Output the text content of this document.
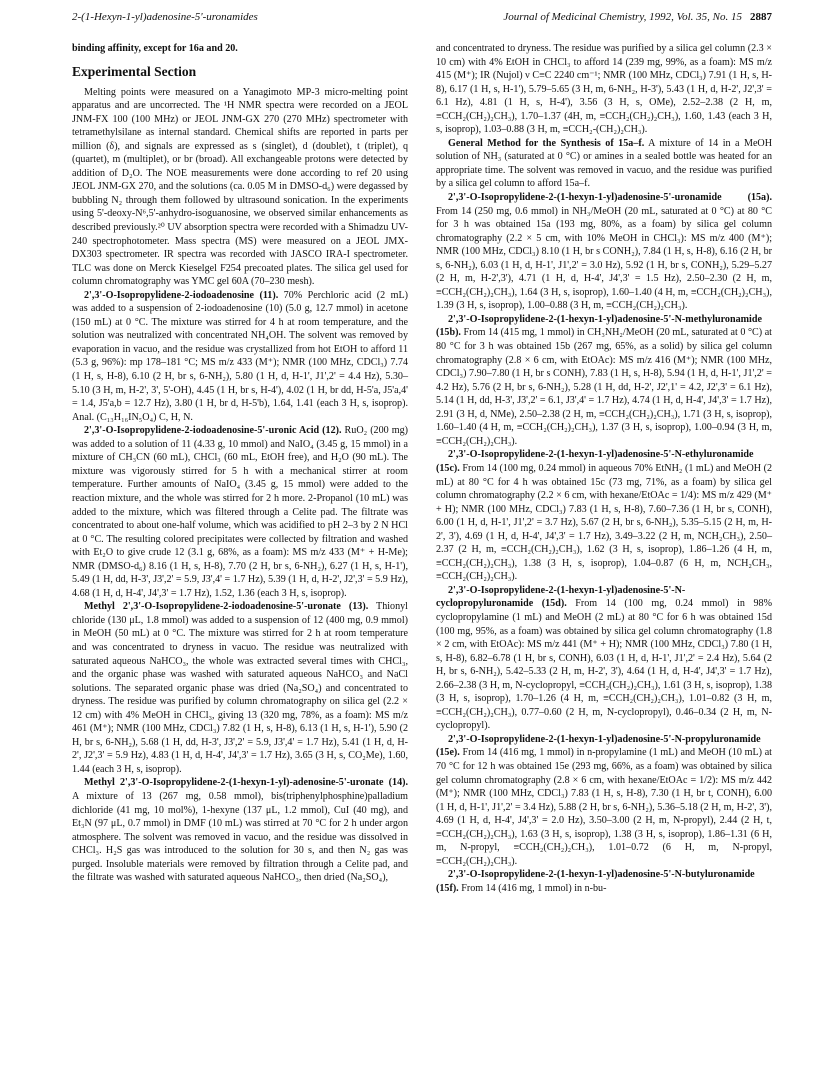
2-(1-Hexyn-1-yl)adenosine-5'-uronamides	Journal of Medicinal Chemistry, 1992, Vol. 35, No. 15 2887

binding affinity, except for 16a and 20.

Experimental Section

Melting points were measured on a Yanagimoto MP-3 micro-melting point apparatus and are uncorrected. The ¹H NMR spectra were recorded on a JEOL JNM-FX 100 (100 MHz) or JEOL JNM-GX 270 (270 MHz) spectrometer with tetramethylsilane as internal standard. Chemical shifts are reported in parts per million (δ), and signals are expressed as s (singlet), d (doublet), t (triplet), q (quartet), m (multiplet), or br (broad). All exchangeable protons were detected by addition of D₂O. The NOE measurements were done according to ref 20 using JEOL JNM-GX 270, and the solutions (ca. 0.05 M in DMSO-d₆) were degassed by bubbling N₂ through them followed by ultrasound sonication. In the experiments using 5'-deoxy-N⁶,5'-anhydro-isoguanosine, we observed similar enhancements as described previously.²⁰ UV absorption spectra were recorded with a Shimadzu UV-240 spectrophotometer. Mass spectra (MS) were measured on a JEOL JMX-DX303 spectrometer. IR spectra was recorded with JASCO IRA-I spectrometer. TLC was done on Merck Kieselgel F254 precoated plates. The silica gel used for column chromatography was YMC gel 60A (70–230 mesh).

2',3'-O-Isopropylidene-2-iodoadenosine (11). 70% Perchloric acid (2 mL) was added to a suspension of 2-iodoadenosine (10) (5.0 g, 12.7 mmol) in acetone (150 mL) at 0 °C. The mixture was stirred for 4 h at room temperature, and the solution was neutralized with concentrated NH₄OH. The solvent was removed by evaporation in vacuo, and the residue was crystallized from hot EtOH to afford 11 (5.3 g, 96%): mp 178–181 °C; MS m/z 433 (M⁺); NMR (100 MHz, CDCl₃) 7.74 (1 H, s, H-8), 6.10 (2 H, br s, 6-NH₂), 5.80 (1 H, d, H-1', J1',2' = 4.4 Hz), 5.30–5.10 (3 H, m, H-2', 3', 5'-OH), 4.45 (1 H, br s, H-4'), 4.02 (1 H, br dd, H-5'a, J5'a,4' = 1.4, J5'a,b = 12.7 Hz), 3.80 (1 H, br d, H-5'b), 1.64, 1.41 (each 3 H, s, isoprop). Anal. (C₁₃H₁₆IN₅O₄) C, H, N.

2',3'-O-Isopropylidene-2-iodoadenosine-5'-uronic Acid (12). RuO₂ (200 mg) was added to a solution of 11 (4.33 g, 10 mmol) and NaIO₄ (3.45 g, 15 mmol) in a mixture of CH₃CN (60 mL), CHCl₃ (60 mL, EtOH free), and H₂O (90 mL). The mixture was vigorously stirred for 5 h with a mechanical stirrer at room temperature. Further amounts of NaIO₄ (3.45 g, 15 mmol) were added to the reaction mixture, and the whole was stirred for 2 h more. 2-Propanol (10 mL) was added to the mixture, which was filtered through a Celite pad. The filtrate was concentrated to about one-half volume, which was acidified to pH 2–3 by 2 N HCl at 0 °C. The resulting colored precipitates were collected by filtration and washed with Et₂O to give crude 12 (3.1 g, 68%, as a foam): MS m/z 433 (M⁺ + H-Me); NMR (DMSO-d₆) 8.16 (1 H, s, H-8), 7.70 (2 H, br s, 6-NH₂), 6.27 (1 H, s, H-1'), 5.49 (1 H, dd, H-3', J3',2' = 5.9, J3',4' = 1.7 Hz), 5.39 (1 H, d, H-2', J2',3' = 5.9 Hz), 4.68 (1 H, d, H-4', J4',3' = 1.7 Hz), 1.52, 1.36 (each 3 H, s, isoprop).

Methyl 2',3'-O-Isopropylidene-2-iodoadenosine-5'-uronate (13). Thionyl chloride (130 μL, 1.8 mmol) was added to a suspension of 12 (400 mg, 0.9 mmol) in MeOH (50 mL) at 0 °C. The mixture was stirred for 2 h at room temperature and was concentrated to dryness in vacuo. The residue was neutralized with saturated aqueous NaHCO₃, the whole was extracted several times with CHCl₃, and the organic phase was washed with saturated aqueous NaHCO₃ and NaCl solutions. The separated organic phase was dried (Na₂SO₄) and concentrated to dryness. The residue was purified by column chromatography on silica gel (2.2 × 12 cm) with 4% MeOH in CHCl₃, giving 13 (320 mg, 78%, as a foam): MS m/z 461 (M⁺); NMR (100 MHz, CDCl₃) 7.82 (1 H, s, H-8), 6.13 (1 H, s, H-1'), 5.90 (2 H, br s, 6-NH₂), 5.68 (1 H, dd, H-3', J3',2' = 5.9, J3',4' = 1.7 Hz), 5.41 (1 H, d, H-2', J2',3' = 5.9 Hz), 4.83 (1 H, d, H-4', J4',3' = 1.7 Hz), 3.65 (3 H, s, CO₂Me), 1.60, 1.44 (each 3 H, s, isoprop).

Methyl 2',3'-O-Isopropylidene-2-(1-hexyn-1-yl)-adenosine-5'-uronate (14). A mixture of 13 (267 mg, 0.58 mmol), bis(triphenylphosphine)palladium dichloride (41 mg, 10 mol%), 1-hexyne (137 μL, 1.2 mmol), CuI (40 mg), and Et₃N (97 μL, 0.7 mmol) in DMF (10 mL) was stirred at 70 °C for 2 h under argon atmosphere. The solvent was removed in vacuo, and the residue was dissolved in CHCl₃. H₂S gas was introduced to the solution for 30 s, and then N₂ gas was purged. Insoluble materials were removed by filtration through a Celite pad, and the filtrate was washed with saturated aqueous NaHCO₃, then dried (Na₂SO₄),

and concentrated to dryness. The residue was purified by a silica gel column (2.3 × 10 cm) with 4% EtOH in CHCl₃ to afford 14 (239 mg, 99%, as a foam): MS m/z 415 (M⁺); IR (Nujol) ν C≡C 2240 cm⁻¹; NMR (100 MHz, CDCl₃) 7.91 (1 H, s, H-8), 6.17 (1 H, s, H-1'), 5.79–5.65 (3 H, m, 6-NH₂, H-3'), 5.43 (1 H, d, H-2', J2',3' = 6.1 Hz), 4.81 (1 H, s, H-4'), 3.56 (3 H, s, OMe), 2.52–2.38 (2 H, m, ≡CCH₂(CH₂)₂CH₃), 1.70–1.37 (4H, m, ≡CCH₂(CH₂)₂CH₃), 1.60, 1.43 (each 3 H, s, isoprop), 1.03–0.88 (3 H, m, ≡CCH₂-(CH₂)₂CH₃).

General Method for the Synthesis of 15a–f. A mixture of 14 in a MeOH solution of NH₃ (saturated at 0 °C) or amines in a sealed bottle was heated for an appropriate time. The solvent was removed in vacuo, and the residue was purified by a silica gel column to afford 15a–f.

2',3'-O-Isopropylidene-2-(1-hexyn-1-yl)adenosine-5'-uronamide (15a). From 14 (250 mg, 0.6 mmol) in NH₃/MeOH (20 mL, saturated at 0 °C) at 80 °C for 3 h was obtained 15a (193 mg, 80%, as a foam) by silica gel column chromatography (2.2 × 5 cm, with 10% MeOH in CHCl₃): MS m/z 400 (M⁺); NMR (100 MHz, CDCl₃) 8.10 (1 H, br s CONH₂), 7.84 (1 H, s, H-8), 6.16 (2 H, br s, 6-NH₂), 6.03 (1 H, d, H-1', J1',2' = 3.0 Hz), 5.92 (1 H, br s, CONH₂), 5.29–5.27 (2 H, m, H-2',3'), 4.71 (1 H, d, H-4', J4',3' = 1.5 Hz), 2.50–2.30 (2 H, m, ≡CCH₂(CH₂)₂CH₃), 1.64 (3 H, s, isoprop), 1.60–1.40 (4 H, m, ≡CCH₂(CH₂)₂CH₃), 1.39 (3 H, s, isoprop), 1.00–0.88 (3 H, m, ≡CCH₂(CH₂)₂CH₃).

2',3'-O-Isopropylidene-2-(1-hexyn-1-yl)adenosine-5'-N-methyluronamide (15b). From 14 (415 mg, 1 mmol) in CH₃NH₂/MeOH (20 mL, saturated at 0 °C) at 80 °C for 3 h was obtained 15b (267 mg, 65%, as a solid) by silica gel column chromatography (2.8 × 6 cm, with EtOAc): MS m/z 416 (M⁺); NMR (100 MHz, CDCl₃) 7.90–7.80 (1 H, br s CONH), 7.83 (1 H, s, H-8), 5.94 (1 H, d, H-1', J1',2' = 4.2 Hz), 5.76 (2 H, br s, 6-NH₂), 5.28 (1 H, dd, H-2', J2',1' = 4.2, J2',3' = 6.1 Hz), 5.14 (1 H, dd, H-3', J3',2' = 6.1, J3',4' = 1.7 Hz), 4.74 (1 H, d, H-4', J4',3' = 1.7 Hz), 2.91 (3 H, d, NMe), 2.50–2.38 (2 H, m, ≡CCH₂(CH₂)₂CH₃), 1.71 (3 H, s, isoprop), 1.60–1.40 (4 H, m, ≡CCH₂(CH₂)₂CH₃), 1.37 (3 H, s, isoprop), 1.00–0.94 (3 H, m, ≡CCH₂(CH₂)₂CH₃).

2',3'-O-Isopropylidene-2-(1-hexyn-1-yl)adenosine-5'-N-ethyluronamide (15c). From 14 (100 mg, 0.24 mmol) in aqueous 70% EtNH₂ (1 mL) and MeOH (2 mL) at 80 °C for 4 h was obtained 15c (73 mg, 71%, as a foam) by silica gel column chromatography (2.2 × 6 cm, with hexane/EtOAc = 1/4): MS m/z 429 (M⁺ + H); NMR (100 MHz, CDCl₃) 7.83 (1 H, s, H-8), 7.60–7.36 (1 H, br s, CONH), 6.00 (1 H, d, H-1', J1',2' = 3.7 Hz), 5.67 (2 H, br s, 6-NH₂), 5.35–5.15 (2 H, m, H-2', 3'), 4.69 (1 H, d, H-4', J4',3' = 1.7 Hz), 3.49–3.22 (2 H, m, NCH₂CH₃), 2.50–2.37 (2 H, m, ≡CCH₂(CH₂)₂CH₃), 1.62 (3 H, s, isoprop), 1.86–1.26 (4 H, m, ≡CCH₂(CH₂)₂CH₃), 1.38 (3 H, s, isoprop), 1.04–0.87 (6 H, m, NCH₂CH₃, ≡CCH₂(CH₂)₂CH₃).

2',3'-O-Isopropylidene-2-(1-hexyn-1-yl)adenosine-5'-N-cyclopropyluronamide (15d). From 14 (100 mg, 0.24 mmol) in 98% cyclopropylamine (1 mL) and MeOH (2 mL) at 80 °C for 6 h was obtained 15d (100 mg, 95%, as a foam) was obtained by silica gel column chromatography (1.8 × 2 cm, with EtOAc): MS m/z 441 (M⁺ + H); NMR (100 MHz, CDCl₃) 7.80 (1 H, s, H-8), 6.82–6.78 (1 H, br s, CONH), 6.03 (1 H, d, H-1', J1',2' = 2.4 Hz), 5.64 (2 H, br s, 6-NH₂), 5.42–5.33 (2 H, m, H-2', 3'), 4.64 (1 H, d, H-4', J4',3' = 1.7 Hz), 2.66–2.38 (3 H, m, N-cyclopropyl, ≡CCH₂(CH₂)₂CH₃), 1.61 (3 H, s, isoprop), 1.38 (3 H, s, isoprop), 1.70–1.26 (4 H, m, ≡CCH₂(CH₂)₂CH₃), 1.01–0.82 (3 H, m, ≡CCH₂(CH₂)₂CH₃), 0.77–0.60 (2 H, m, N-cyclopropyl), 0.46–0.34 (2 H, m, N-cyclopropyl).

2',3'-O-Isopropylidene-2-(1-hexyn-1-yl)adenosine-5'-N-propyluronamide (15e). From 14 (416 mg, 1 mmol) in n-propylamine (1 mL) and MeOH (10 mL) at 70 °C for 12 h was obtained 15e (293 mg, 66%, as a foam) was obtained by silica gel column chromatography (2.8 × 6 cm, with hexane/EtOAc = 1/2): MS m/z 442 (M⁺); NMR (100 MHz, CDCl₃) 7.83 (1 H, s, H-8), 7.30 (1 H, br t, CONH), 6.00 (1 H, d, H-1', J1',2' = 3.4 Hz), 5.88 (2 H, br s, 6-NH₂), 5.36–5.18 (2 H, m, H-2', 3'), 4.69 (1 H, d, H-4', J4',3' = 2.0 Hz), 3.50–3.00 (2 H, m, N-propyl), 2.44 (2 H, t, ≡CCH₂(CH₂)₂CH₃), 1.63 (3 H, s, isoprop), 1.38 (3 H, s, isoprop), 1.86–1.31 (6 H, m, N-propyl, ≡CCH₂(CH₂)₂CH₃), 1.01–0.72 (6 H, m, N-propyl, ≡CCH₂(CH₂)₂CH₃).

2',3'-O-Isopropylidene-2-(1-hexyn-1-yl)adenosine-5'-N-butyluronamide (15f). From 14 (416 mg, 1 mmol) in n-bu-
